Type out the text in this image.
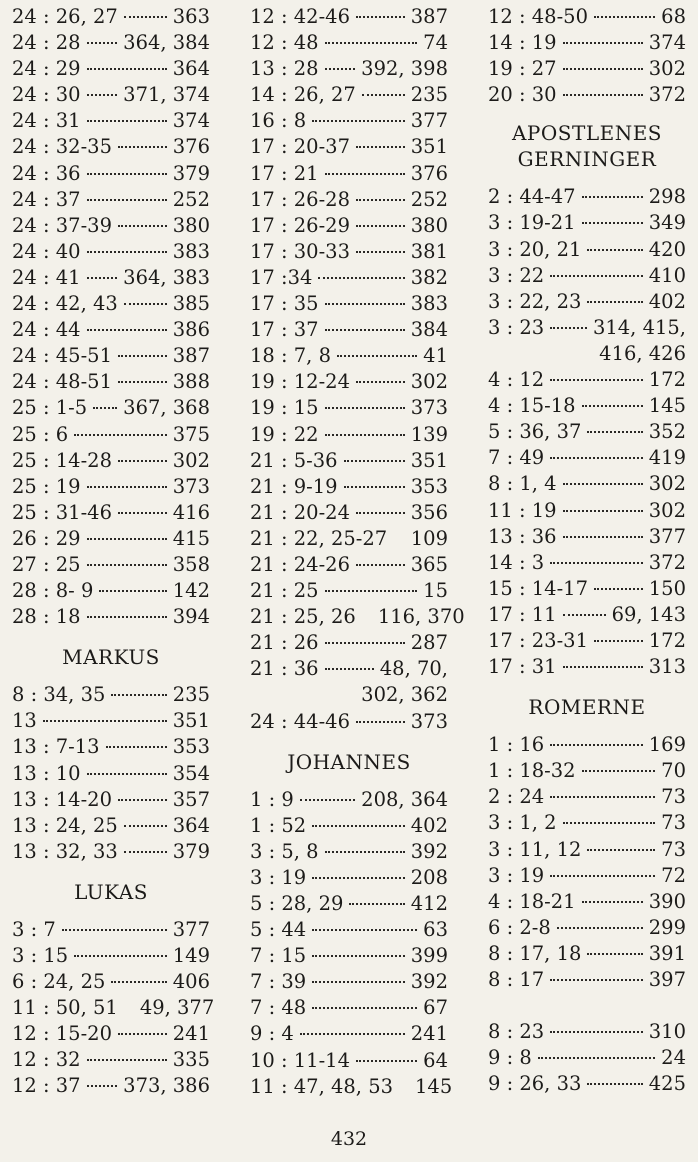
24 : 26, 27	363
24 : 28 364, 384
24 : 29	364
24 : 30 371, 374
24 : 31	374
24 : 32-35	376
24 : 36	379
24 : 37	252
24 : 37-39	380
24 : 40	383
24 : 41 364, 383
24 : 42, 43	385
24 : 44	386
24 : 45-51	387
24 : 48-51	388
25 : 1-5 367, 368
25 : 6	375
25 : 14-28	302
25 : 19	373
25 : 31-46	416
26 : 29	415
27 : 25	358
28 : 8- 9	142
28 : 18	394
MARKUS
8 : 34, 35	235
13	351
13 : 7-13	353
13 : 10	354
13 : 14-20	357
13 : 24, 25	364
13 : 32, 33	379
LUKAS
3 : 7	377
3 : 15	149
6 : 24, 25	406
11 : 50, 51 49, 377
12 : 15-20	241
12 : 32	335
12 : 37 373, 386
12 : 42-46	387
12 : 48	74
13 : 28 392, 398
14 : 26, 27	235
16 : 8	377
17 : 20-37	351
17 : 21	376
17 : 26-28	252
17 : 26-29	380
17 : 30-33	381
17 :34	382
17 : 35	383
17 : 37	384
18 : 7, 8	41
19 : 12-24	302
19 : 15	373
19 : 22	139
21 : 5-36	351
21 : 9-19	353
21 : 20-24	356
21 : 22, 25-27 109
21 : 24-26	365
21 : 25	15
21 : 25, 26 116, 370
21 : 26	287
21 : 36	48, 70,
302, 362
24 : 44-46	373
JOHANNES
1 : 9	208, 364
1 : 52	402
3 : 5, 8	392
3 : 19	208
5 : 28, 29	412
5 : 44	63
7 : 15	399
7 : 39	392
7 : 48	67
9 : 4	241
10 : 11-14	64
11 : 47, 48, 53 145
12 : 48-50	68
14 : 19	374
19 : 27	302
20 : 30	372
APOSTLENES GERNINGER
2 : 44-47	298
3 : 19-21	349
3 : 20, 21	420
3 : 22	410
3 : 22, 23	402
3 : 23	314, 415,
416, 426
4 : 12	172
4 : 15-18	145
5 : 36, 37	352
7 : 49	419
8 : 1, 4	302
11 : 19	302
13 : 36	377
14 : 3	372
15 : 14-17	150
17 : 11	69, 143
17 : 23-31	172
17 : 31	313
ROMERNE
1 : 16	169
1 : 18-32	70
2 : 24	73
3 : 1, 2	73
3 : 11, 12	73
3 : 19	72
4 : 18-21	390
6 : 2-8	299
8 : 17, 18	391
8 : 17	397
8 : 23	310
9 : 8	24
9 : 26, 33	425
432
